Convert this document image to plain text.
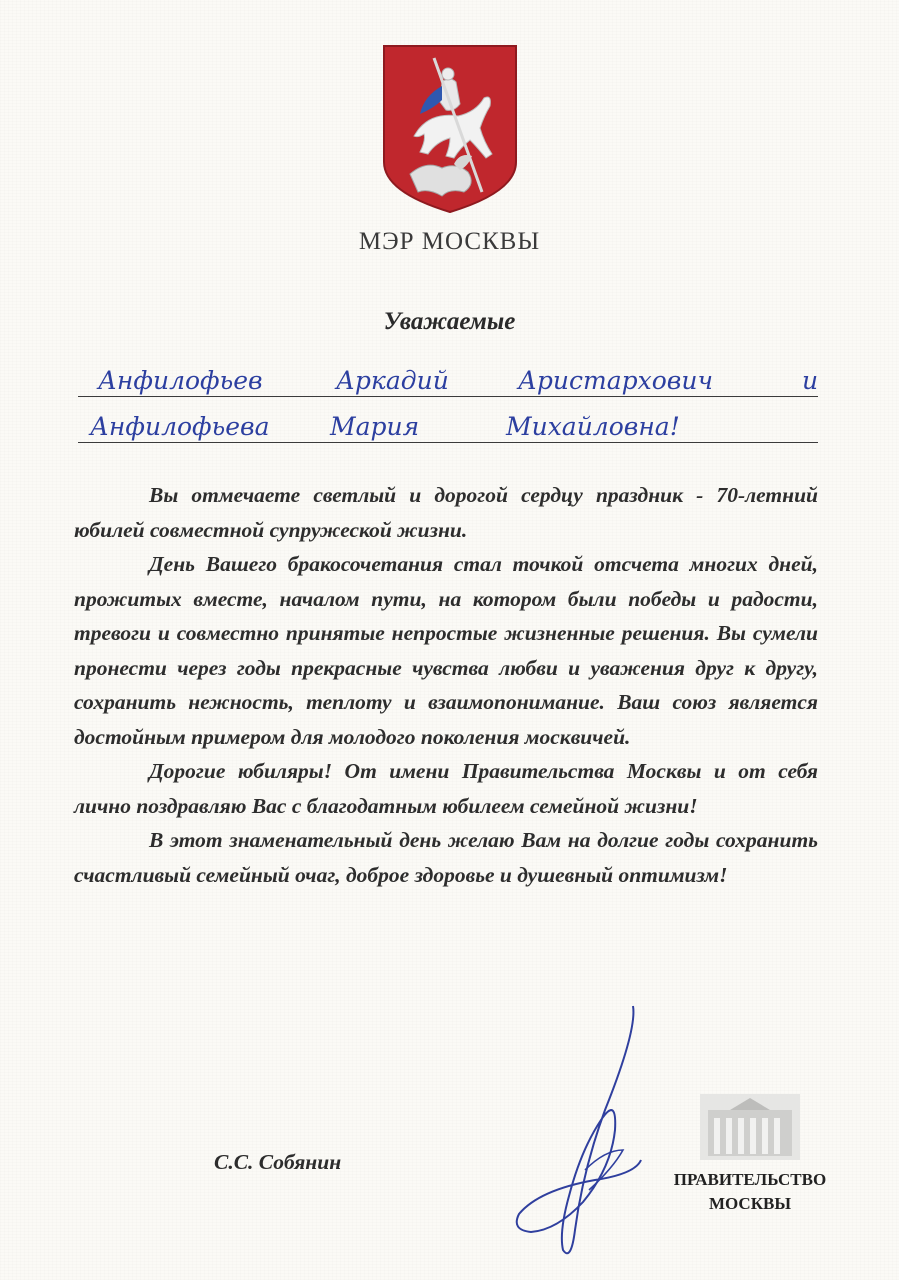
МЭР МОСКВЫ
Уважаемые
Анфилофьев	Аркадий	Аристархович	и
Анфилофьева Мария	Михайловна!

Вы отмечаете светлый и дорогой сердцу праздник - 70-летний юбилей совместной супружеской жизни.

День Вашего бракосочетания стал точкой отсчета многих дней, прожитых вместе, началом пути, на котором были победы и радости, тревоги и совместно принятые непростые жизненные решения. Вы сумели пронести через годы прекрасные чувства любви и уважения друг к другу, сохранить нежность, теплоту и взаимопонимание. Ваш союз является достойным примером для молодого поколения москвичей.

Дорогие юбиляры! От имени Правительства Москвы и от себя лично поздравляю Вас с благодатным юбилеем семейной жизни!

В этот знаменательный день желаю Вам на долгие годы сохранить счастливый семейный очаг, доброе здоровье и душевный оптимизм!

С.С. Собянин
ПРАВИТЕЛЬСТВО
МОСКВЫ
